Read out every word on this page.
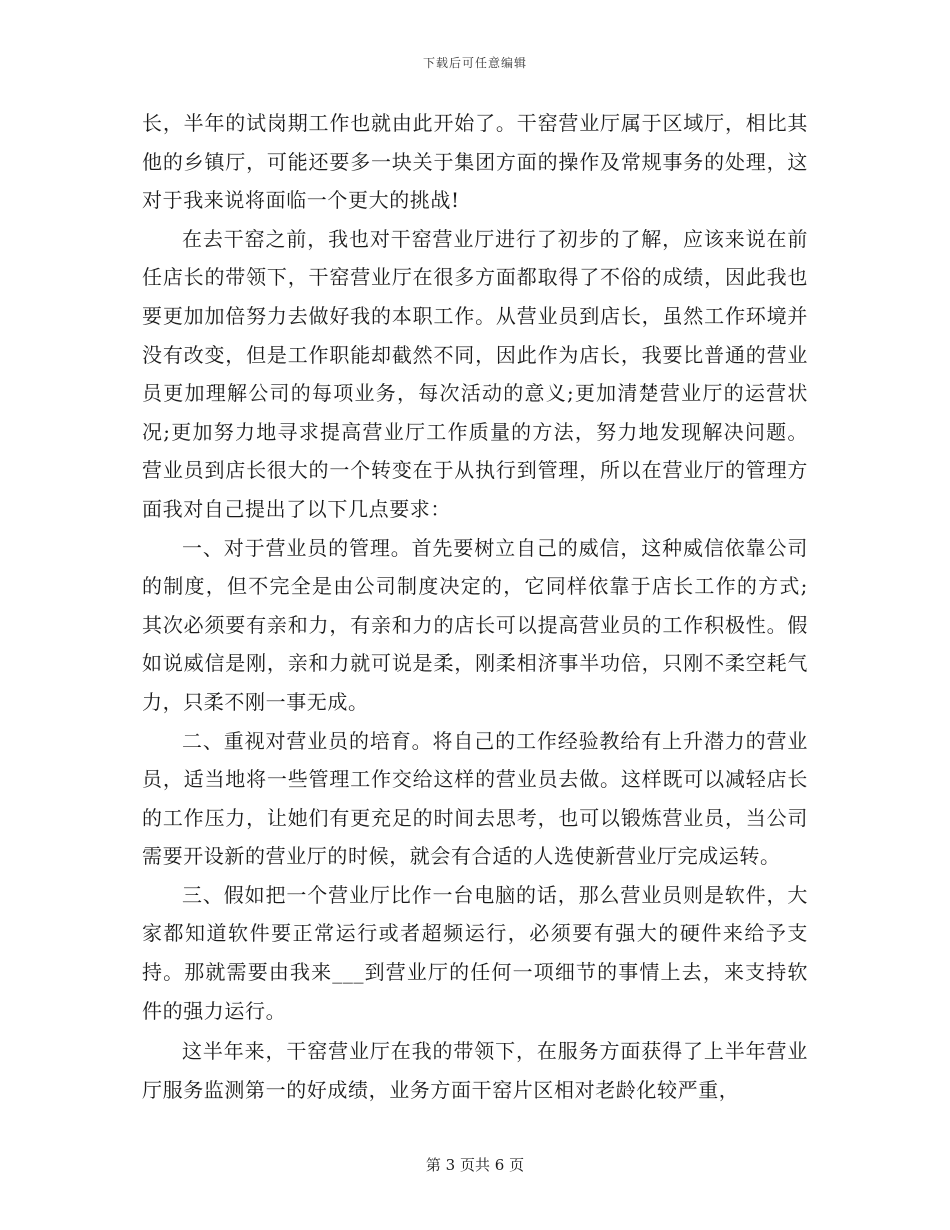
下载后可任意编辑

长，半年的试岗期工作也就由此开始了。干窑营业厅属于区域厅，相比其他的乡镇厅，可能还要多一块关于集团方面的操作及常规事务的处理，这对于我来说将面临一个更大的挑战!

在去干窑之前，我也对干窑营业厅进行了初步的了解，应该来说在前任店长的带领下，干窑营业厅在很多方面都取得了不俗的成绩，因此我也要更加加倍努力去做好我的本职工作。从营业员到店长，虽然工作环境并没有改变，但是工作职能却截然不同，因此作为店长，我要比普通的营业员更加理解公司的每项业务，每次活动的意义;更加清楚营业厅的运营状况;更加努力地寻求提高营业厅工作质量的方法，努力地发现解决问题。营业员到店长很大的一个转变在于从执行到管理，所以在营业厅的管理方面我对自己提出了以下几点要求：

一、对于营业员的管理。首先要树立自己的威信，这种威信依靠公司的制度，但不完全是由公司制度决定的，它同样依靠于店长工作的方式;其次必须要有亲和力，有亲和力的店长可以提高营业员的工作积极性。假如说威信是刚，亲和力就可说是柔，刚柔相济事半功倍，只刚不柔空耗气力，只柔不刚一事无成。

二、重视对营业员的培育。将自己的工作经验教给有上升潜力的营业员，适当地将一些管理工作交给这样的营业员去做。这样既可以减轻店长的工作压力，让她们有更充足的时间去思考，也可以锻炼营业员，当公司需要开设新的营业厅的时候，就会有合适的人选使新营业厅完成运转。

三、假如把一个营业厅比作一台电脑的话，那么营业员则是软件，大家都知道软件要正常运行或者超频运行，必须要有强大的硬件来给予支持。那就需要由我来___到营业厅的任何一项细节的事情上去，来支持软件的强力运行。

这半年来，干窑营业厅在我的带领下，在服务方面获得了上半年营业厅服务监测第一的好成绩，业务方面干窑片区相对老龄化较严重，

第 3 页共 6 页
